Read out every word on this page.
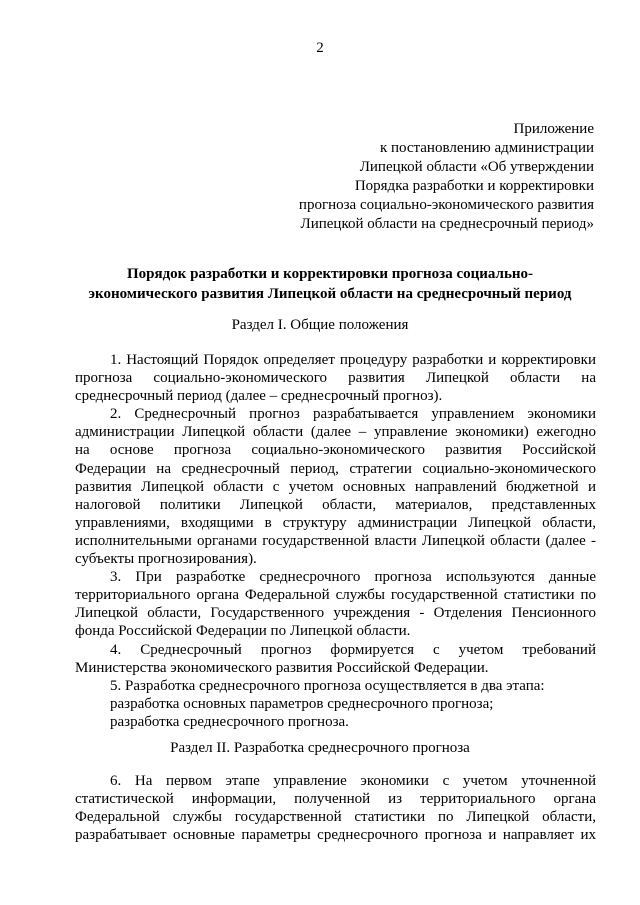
2
Приложение
к постановлению администрации
Липецкой области «Об утверждении
Порядка разработки и корректировки
прогноза социально-экономического развития
Липецкой области на среднесрочный период»
Порядок разработки и корректировки прогноза социально-
экономического развития Липецкой области на среднесрочный период
Раздел I. Общие положения
1. Настоящий Порядок определяет процедуру разработки и корректировки
прогноза социально-экономического развития Липецкой области на
среднесрочный период (далее – среднесрочный прогноз).
2. Среднесрочный прогноз разрабатывается управлением экономики
администрации Липецкой области (далее – управление экономики) ежегодно
на основе прогноза социально-экономического развития Российской
Федерации на среднесрочный период, стратегии социально-экономического
развития Липецкой области с учетом основных направлений бюджетной и
налоговой политики Липецкой области, материалов, представленных
управлениями, входящими в структуру администрации Липецкой области,
исполнительными органами государственной власти Липецкой области (далее -
субъекты прогнозирования).
3. При разработке среднесрочного прогноза используются данные
территориального органа Федеральной службы государственной статистики по
Липецкой области, Государственного учреждения - Отделения Пенсионного
фонда Российской Федерации по Липецкой области.
4. Среднесрочный прогноз формируется с учетом требований
Министерства экономического развития Российской Федерации.
5. Разработка среднесрочного прогноза осуществляется в два этапа:
разработка основных параметров среднесрочного прогноза;
разработка среднесрочного прогноза.
Раздел II. Разработка среднесрочного прогноза
6. На первом этапе управление экономики с учетом уточненной
статистической информации, полученной из территориального органа
Федеральной службы государственной статистики по Липецкой области,
разрабатывает основные параметры среднесрочного прогноза и направляет их
